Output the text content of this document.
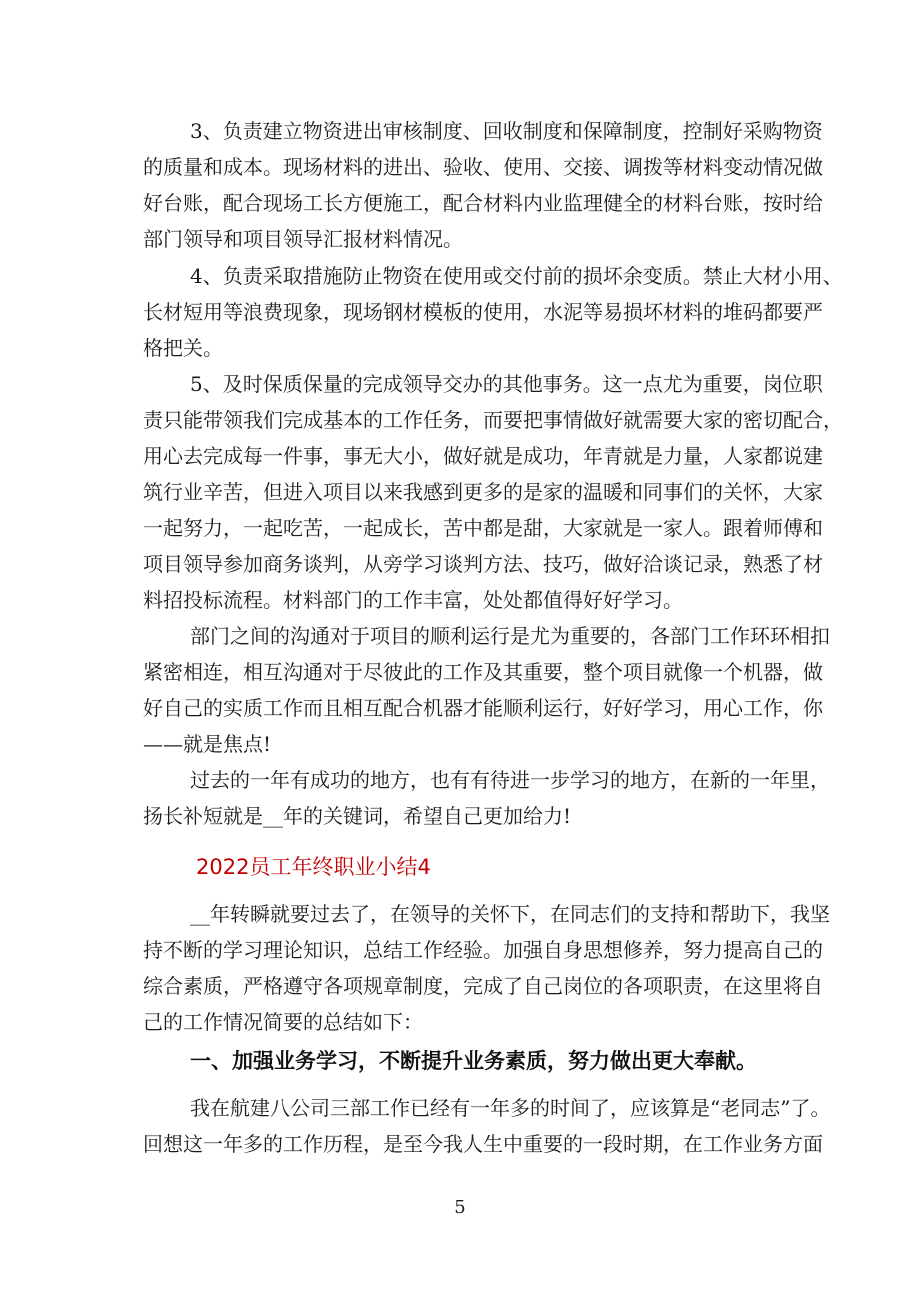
3、负责建立物资进出审核制度、回收制度和保障制度，控制好采购物资
的质量和成本。现场材料的进出、验收、使用、交接、调拨等材料变动情况做
好台账，配合现场工长方便施工，配合材料内业监理健全的材料台账，按时给
部门领导和项目领导汇报材料情况。
4、负责采取措施防止物资在使用或交付前的损坏余变质。禁止大材小用、
长材短用等浪费现象，现场钢材模板的使用，水泥等易损坏材料的堆码都要严
格把关。
5、及时保质保量的完成领导交办的其他事务。这一点尤为重要，岗位职
责只能带领我们完成基本的工作任务，而要把事情做好就需要大家的密切配合，
用心去完成每一件事，事无大小，做好就是成功，年青就是力量，人家都说建
筑行业辛苦，但进入项目以来我感到更多的是家的温暖和同事们的关怀，大家
一起努力，一起吃苦，一起成长，苦中都是甜，大家就是一家人。跟着师傅和
项目领导参加商务谈判，从旁学习谈判方法、技巧，做好洽谈记录，熟悉了材
料招投标流程。材料部门的工作丰富，处处都值得好好学习。
部门之间的沟通对于项目的顺利运行是尤为重要的，各部门工作环环相扣
紧密相连，相互沟通对于尽彼此的工作及其重要，整个项目就像一个机器，做
好自己的实质工作而且相互配合机器才能顺利运行，好好学习，用心工作，你
——就是焦点!
过去的一年有成功的地方，也有有待进一步学习的地方，在新的一年里，
扬长补短就是__年的关键词，希望自己更加给力!
2022员工年终职业小结4
__年转瞬就要过去了，在领导的关怀下，在同志们的支持和帮助下，我坚
持不断的学习理论知识，总结工作经验。加强自身思想修养，努力提高自己的
综合素质，严格遵守各项规章制度，完成了自己岗位的各项职责，在这里将自
己的工作情况简要的总结如下：
一、加强业务学习，不断提升业务素质，努力做出更大奉献。
我在航建八公司三部工作已经有一年多的时间了，应该算是“老同志”了。
回想这一年多的工作历程，是至今我人生中重要的一段时期，在工作业务方面
5
